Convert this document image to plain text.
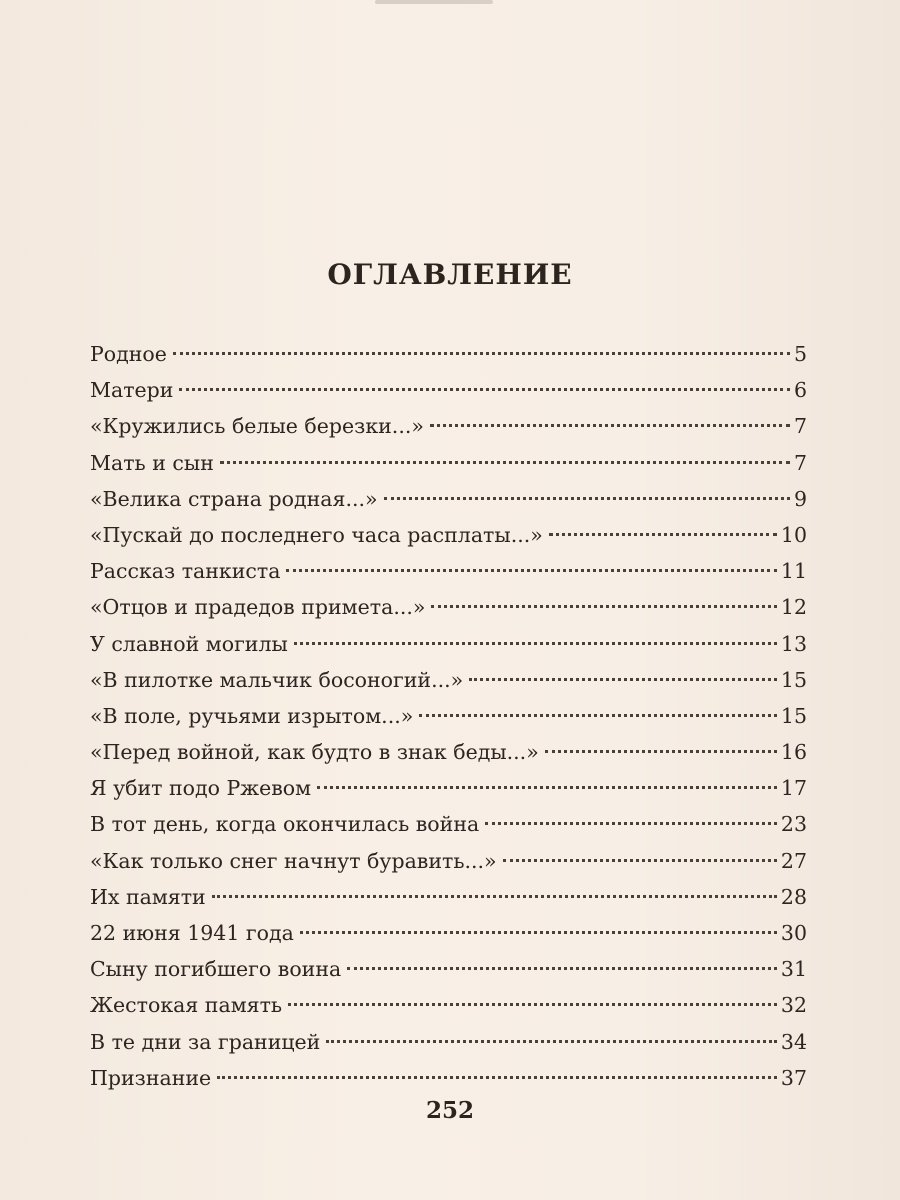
ОГЛАВЛЕНИЕ
Родное	5
Матери	6
«Кружились белые березки...»	7
Мать и сын	7
«Велика страна родная...»	9
«Пускай до последнего часа расплаты...»	10
Рассказ танкиста	11
«Отцов и прадедов примета...»	12
У славной могилы	13
«В пилотке мальчик босоногий...»	15
«В поле, ручьями изрытом...»	15
«Перед войной, как будто в знак беды...»	16
Я убит подо Ржевом	17
В тот день, когда окончилась война	23
«Как только снег начнут буравить...»	27
Их памяти	28
22 июня 1941 года	30
Сыну погибшего воина	31
Жестокая память	32
В те дни за границей	34
Признание	37
252
